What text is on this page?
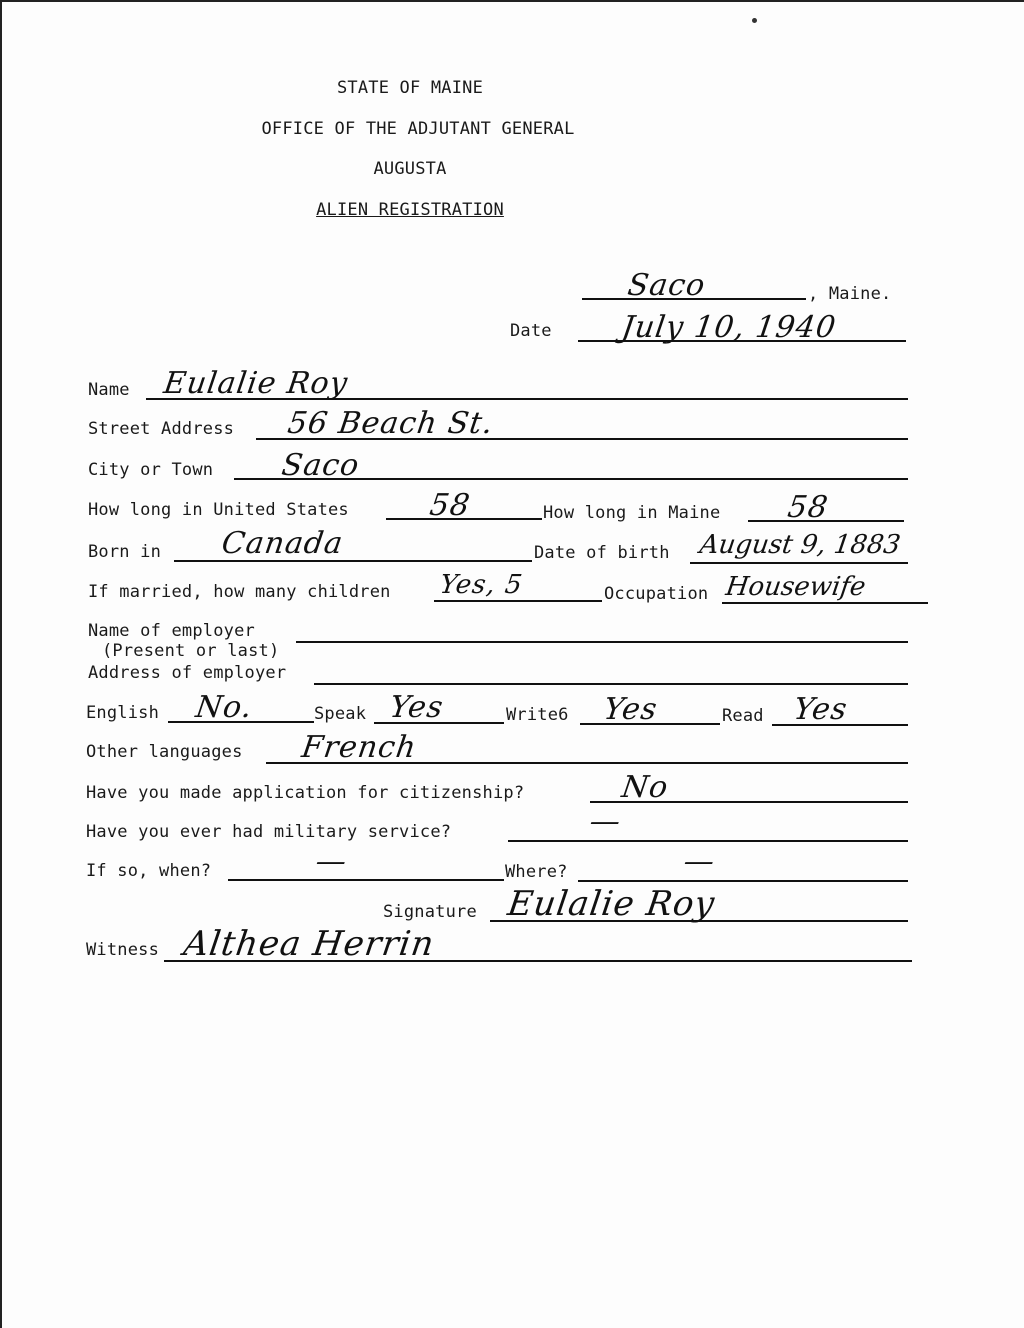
STATE OF MAINE
OFFICE OF THE ADJUTANT GENERAL
AUGUSTA
ALIEN REGISTRATION
Saco	, Maine.
Date July 10, 1940
Name Eulalie Roy
Street Address 56 Beach St.
City or Town Saco
How long in United States	58	How long in Maine 58
Born in Canada	Date of birth August 9, 1883
If married, how many children Yes, 5	Occupation Housewife
Name of employer
(Present or last)
Address of employer
English No.	Speak Yes	Write6 Yes	Read Yes
Other languages French
Have you made application for citizenship?	No
Have you ever had military service?	—
If so, when?	—	Where?	—
Signature Eulalie Roy
Witness Althea Herrin
